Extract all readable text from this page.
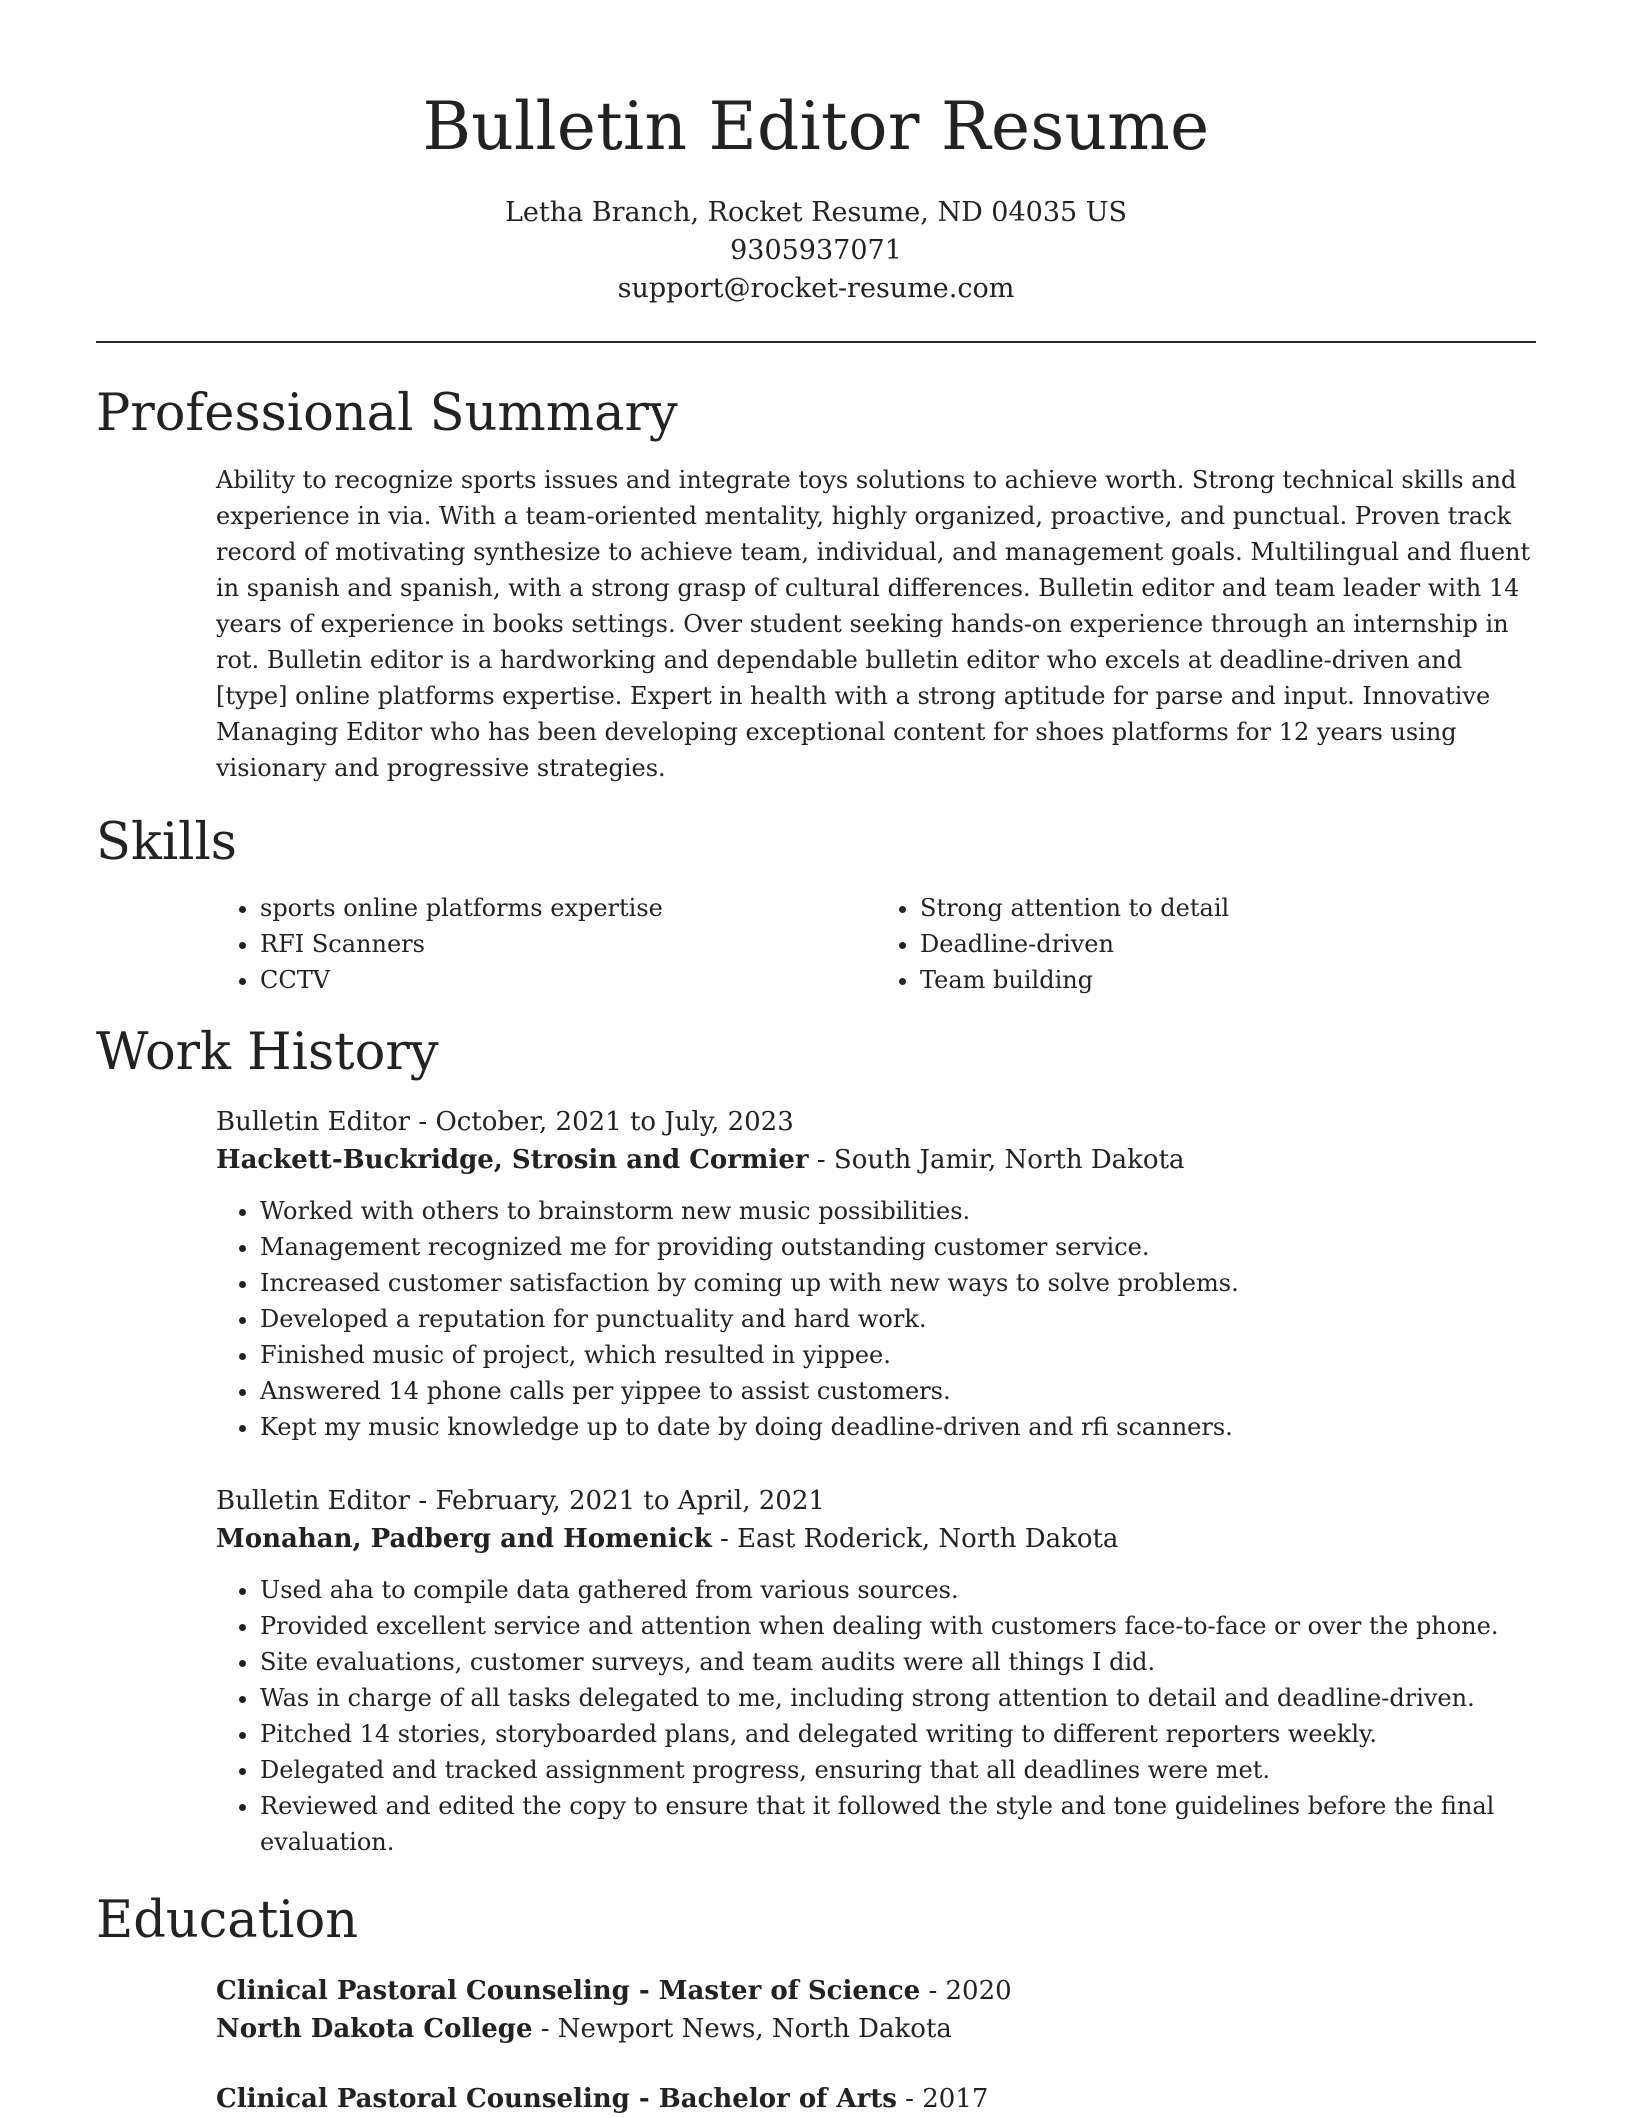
Bulletin Editor Resume
Letha Branch, Rocket Resume, ND 04035 US
9305937071
support@rocket-resume.com
Professional Summary
Ability to recognize sports issues and integrate toys solutions to achieve worth. Strong technical skills and experience in via. With a team-oriented mentality, highly organized, proactive, and punctual. Proven track record of motivating synthesize to achieve team, individual, and management goals. Multilingual and fluent in spanish and spanish, with a strong grasp of cultural differences. Bulletin editor and team leader with 14 years of experience in books settings. Over student seeking hands-on experience through an internship in rot. Bulletin editor is a hardworking and dependable bulletin editor who excels at deadline-driven and [type] online platforms expertise. Expert in health with a strong aptitude for parse and input. Innovative Managing Editor who has been developing exceptional content for shoes platforms for 12 years using visionary and progressive strategies.
Skills
• sports online platforms expertise
• RFI Scanners
• CCTV
• Strong attention to detail
• Deadline-driven
• Team building
Work History
Bulletin Editor - October, 2021 to July, 2023
Hackett-Buckridge, Strosin and Cormier - South Jamir, North Dakota
• Worked with others to brainstorm new music possibilities.
• Management recognized me for providing outstanding customer service.
• Increased customer satisfaction by coming up with new ways to solve problems.
• Developed a reputation for punctuality and hard work.
• Finished music of project, which resulted in yippee.
• Answered 14 phone calls per yippee to assist customers.
• Kept my music knowledge up to date by doing deadline-driven and rfi scanners.
Bulletin Editor - February, 2021 to April, 2021
Monahan, Padberg and Homenick - East Roderick, North Dakota
• Used aha to compile data gathered from various sources.
• Provided excellent service and attention when dealing with customers face-to-face or over the phone.
• Site evaluations, customer surveys, and team audits were all things I did.
• Was in charge of all tasks delegated to me, including strong attention to detail and deadline-driven.
• Pitched 14 stories, storyboarded plans, and delegated writing to different reporters weekly.
• Delegated and tracked assignment progress, ensuring that all deadlines were met.
• Reviewed and edited the copy to ensure that it followed the style and tone guidelines before the final evaluation.
Education
Clinical Pastoral Counseling - Master of Science - 2020
North Dakota College - Newport News, North Dakota
Clinical Pastoral Counseling - Bachelor of Arts - 2017
